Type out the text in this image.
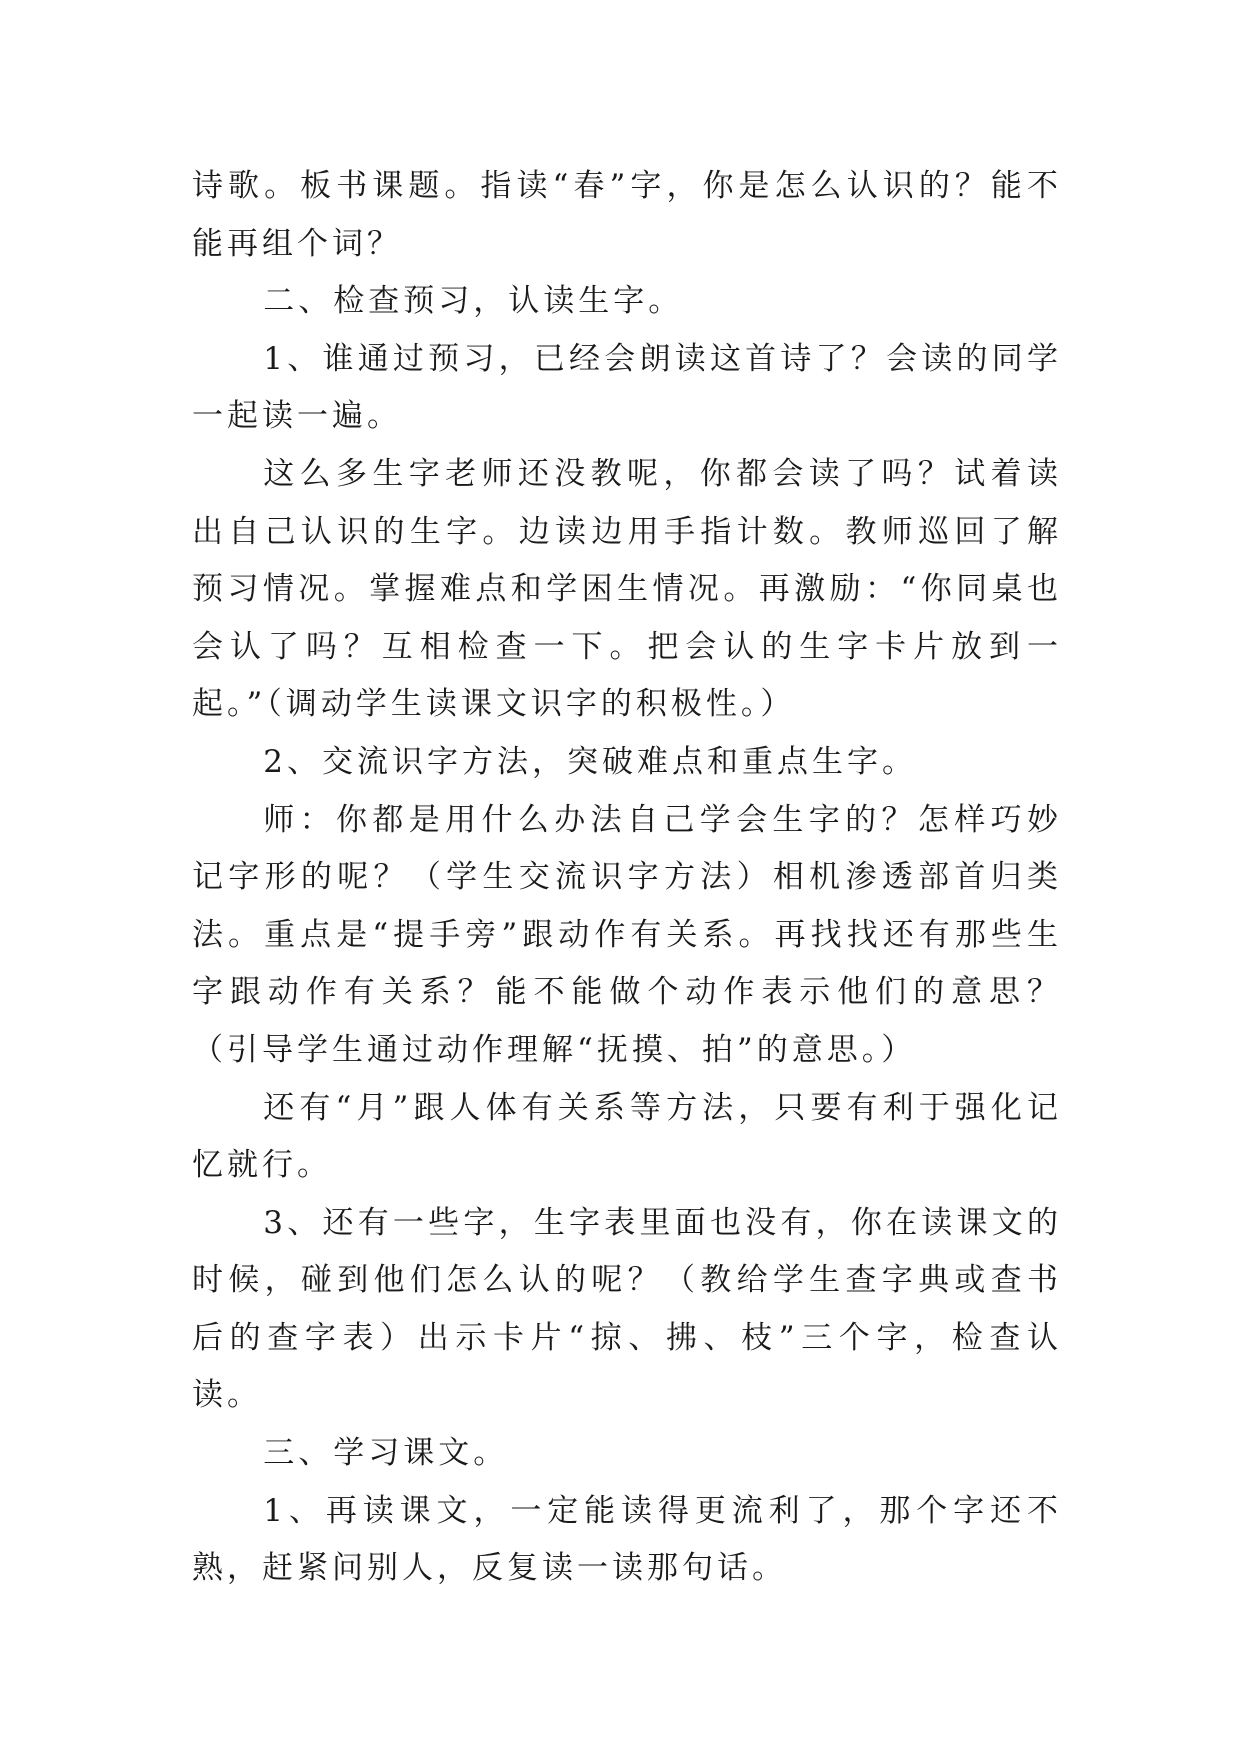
诗歌。板书课题。指读“春”字，你是怎么认识的？能不能再组个词？

二、检查预习，认读生字。

1、谁通过预习，已经会朗读这首诗了？会读的同学一起读一遍。

这么多生字老师还没教呢，你都会读了吗？试着读出自己认识的生字。边读边用手指计数。教师巡回了解预习情况。掌握难点和学困生情况。再激励：“你同桌也会认了吗？互相检查一下。把会认的生字卡片放到一起。”（调动学生读课文识字的积极性。）

2、交流识字方法，突破难点和重点生字。

师：你都是用什么办法自己学会生字的？怎样巧妙记字形的呢？（学生交流识字方法）相机渗透部首归类法。重点是“提手旁”跟动作有关系。再找找还有那些生字跟动作有关系？能不能做个动作表示他们的意思？（引导学生通过动作理解“抚摸、拍”的意思。）

还有“月”跟人体有关系等方法，只要有利于强化记忆就行。

3、还有一些字，生字表里面也没有，你在读课文的时候，碰到他们怎么认的呢？（教给学生查字典或查书后的查字表）出示卡片“掠、拂、枝”三个字，检查认读。

三、学习课文。

1、再读课文，一定能读得更流利了，那个字还不熟，赶紧问别人，反复读一读那句话。
